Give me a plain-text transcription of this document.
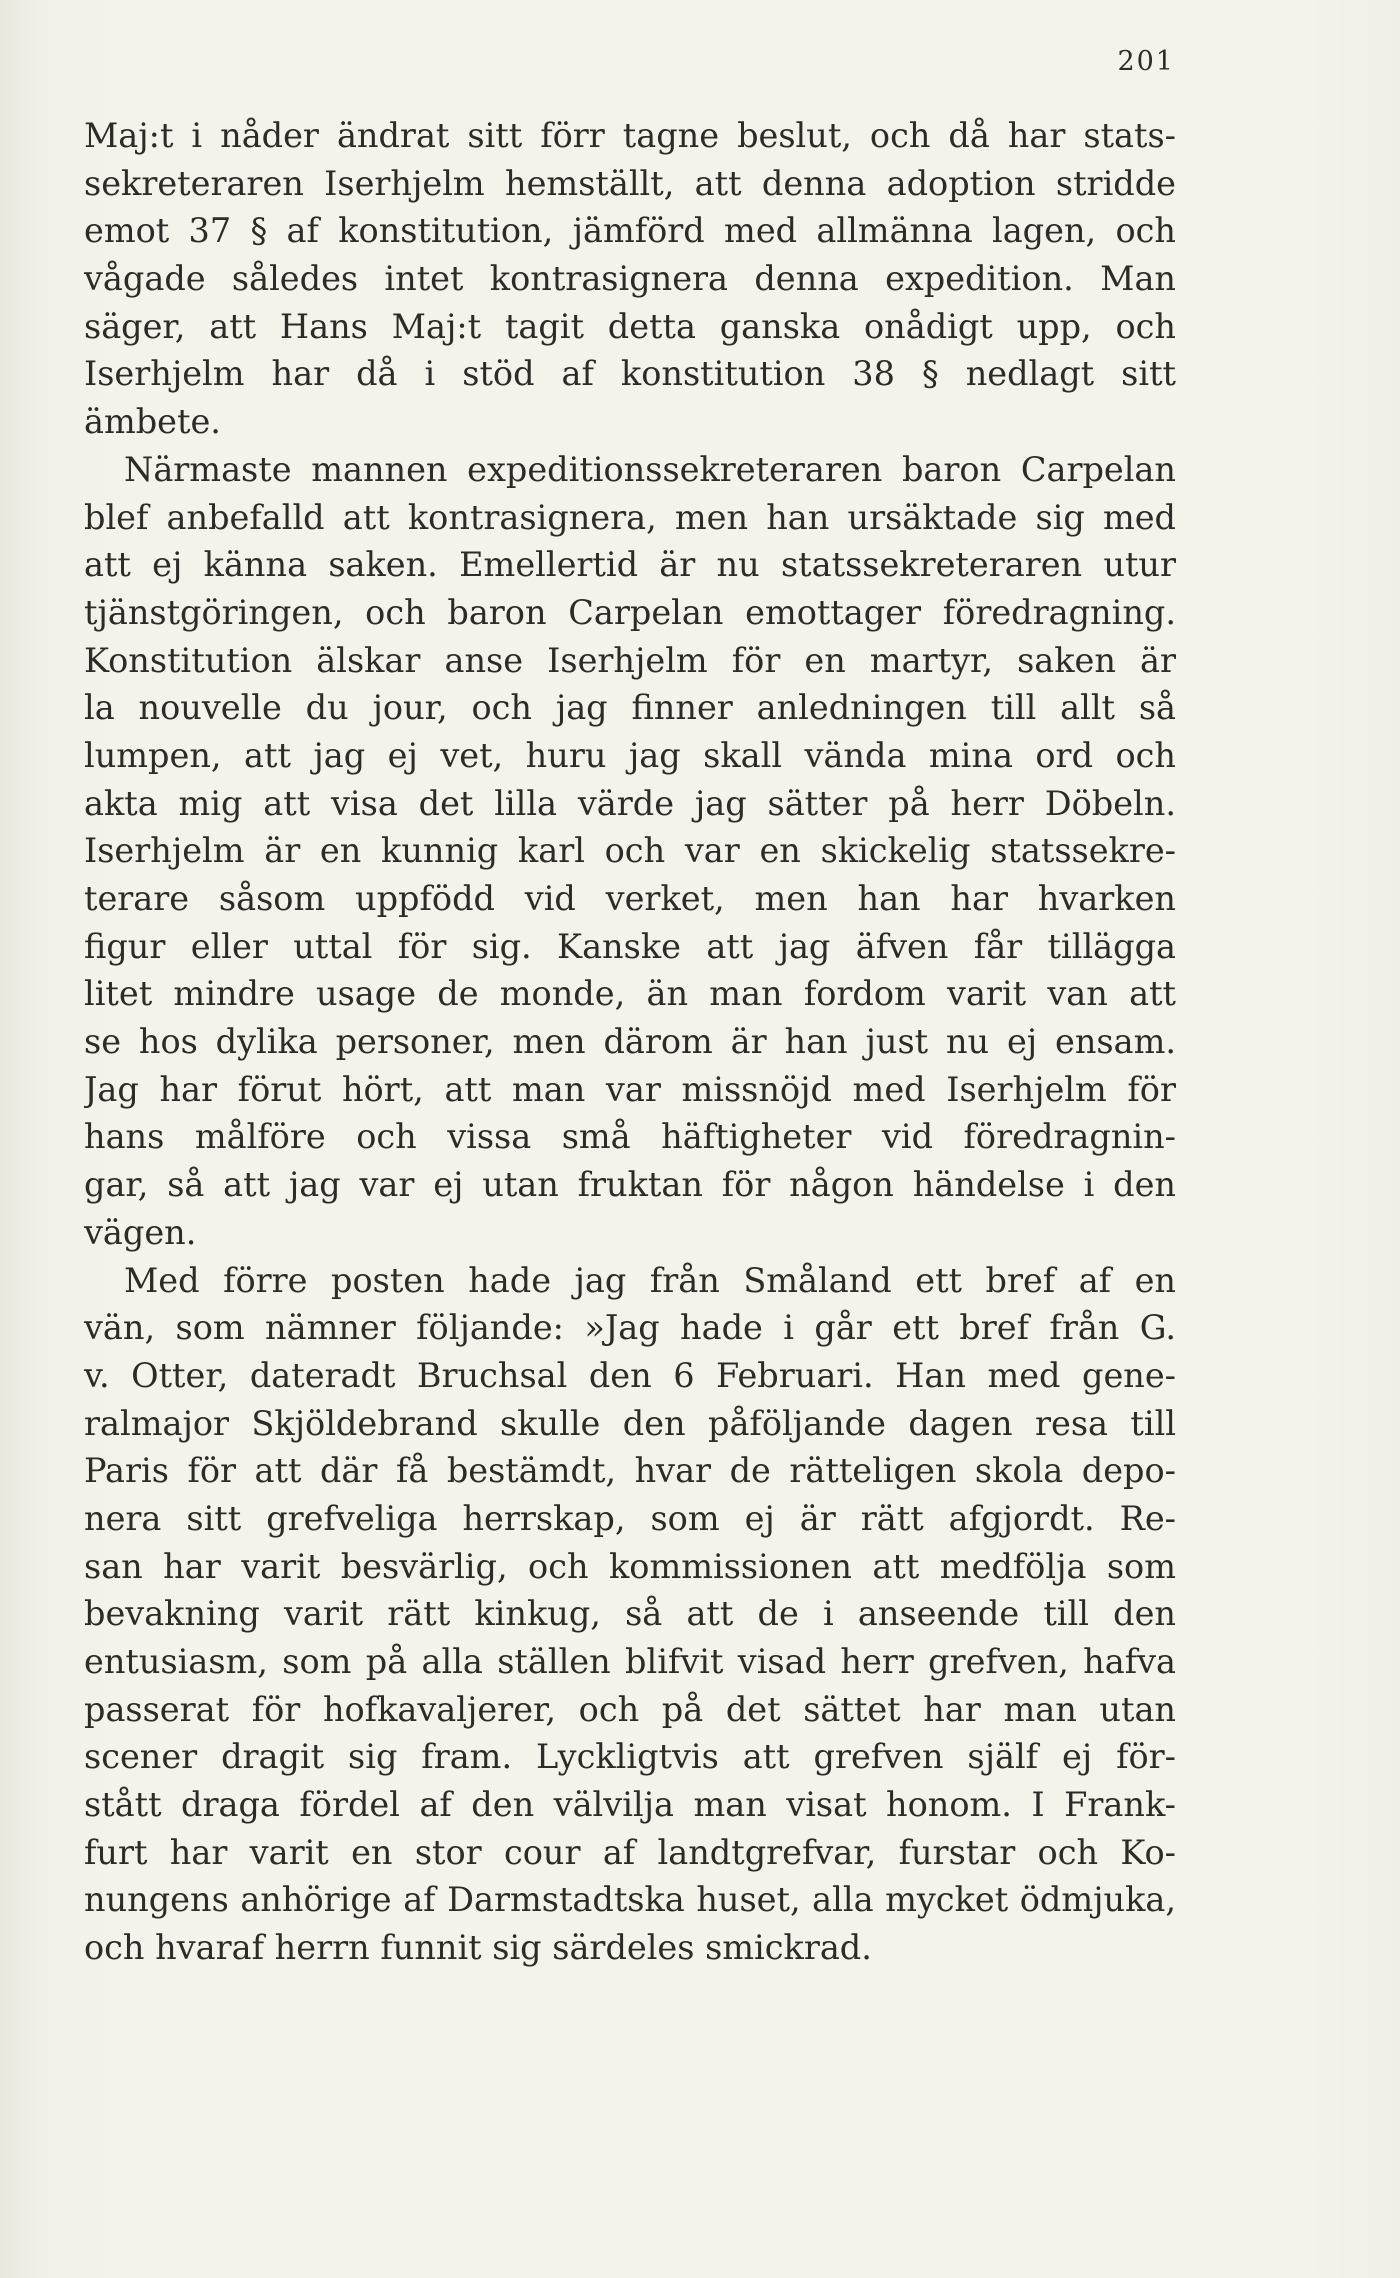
201
Maj:t i nåder ändrat sitt förr tagne beslut, och då har stats-
sekreteraren Iserhjelm hemställt, att denna adoption stridde
emot 37 § af konstitution, jämförd med allmänna lagen, och
vågade således intet kontrasignera denna expedition. Man
säger, att Hans Maj:t tagit detta ganska onådigt upp, och
Iserhjelm har då i stöd af konstitution 38 § nedlagt sitt
ämbete.
Närmaste mannen expeditionssekreteraren baron Carpelan
blef anbefalld att kontrasignera, men han ursäktade sig med
att ej känna saken. Emellertid är nu statssekreteraren utur
tjänstgöringen, och baron Carpelan emottager föredragning.
Konstitution älskar anse Iserhjelm för en martyr, saken är
la nouvelle du jour, och jag finner anledningen till allt så
lumpen, att jag ej vet, huru jag skall vända mina ord och
akta mig att visa det lilla värde jag sätter på herr Döbeln.
Iserhjelm är en kunnig karl och var en skickelig statssekre-
terare såsom uppfödd vid verket, men han har hvarken
figur eller uttal för sig. Kanske att jag äfven får tillägga
litet mindre usage de monde, än man fordom varit van att
se hos dylika personer, men därom är han just nu ej ensam.
Jag har förut hört, att man var missnöjd med Iserhjelm för
hans målföre och vissa små häftigheter vid föredragnin-
gar, så att jag var ej utan fruktan för någon händelse i den
vägen.
Med förre posten hade jag från Småland ett bref af en
vän, som nämner följande: »Jag hade i går ett bref från G.
v. Otter, dateradt Bruchsal den 6 Februari. Han med gene-
ralmajor Skjöldebrand skulle den påföljande dagen resa till
Paris för att där få bestämdt, hvar de rätteligen skola depo-
nera sitt grefveliga herrskap, som ej är rätt afgjordt. Re-
san har varit besvärlig, och kommissionen att medfölja som
bevakning varit rätt kinkug, så att de i anseende till den
entusiasm, som på alla ställen blifvit visad herr grefven, hafva
passerat för hofkavaljerer, och på det sättet har man utan
scener dragit sig fram. Lyckligtvis att grefven själf ej för-
stått draga fördel af den välvilja man visat honom. I Frank-
furt har varit en stor cour af landtgrefvar, furstar och Ko-
nungens anhörige af Darmstadtska huset, alla mycket ödmjuka,
och hvaraf herrn funnit sig särdeles smickrad.
